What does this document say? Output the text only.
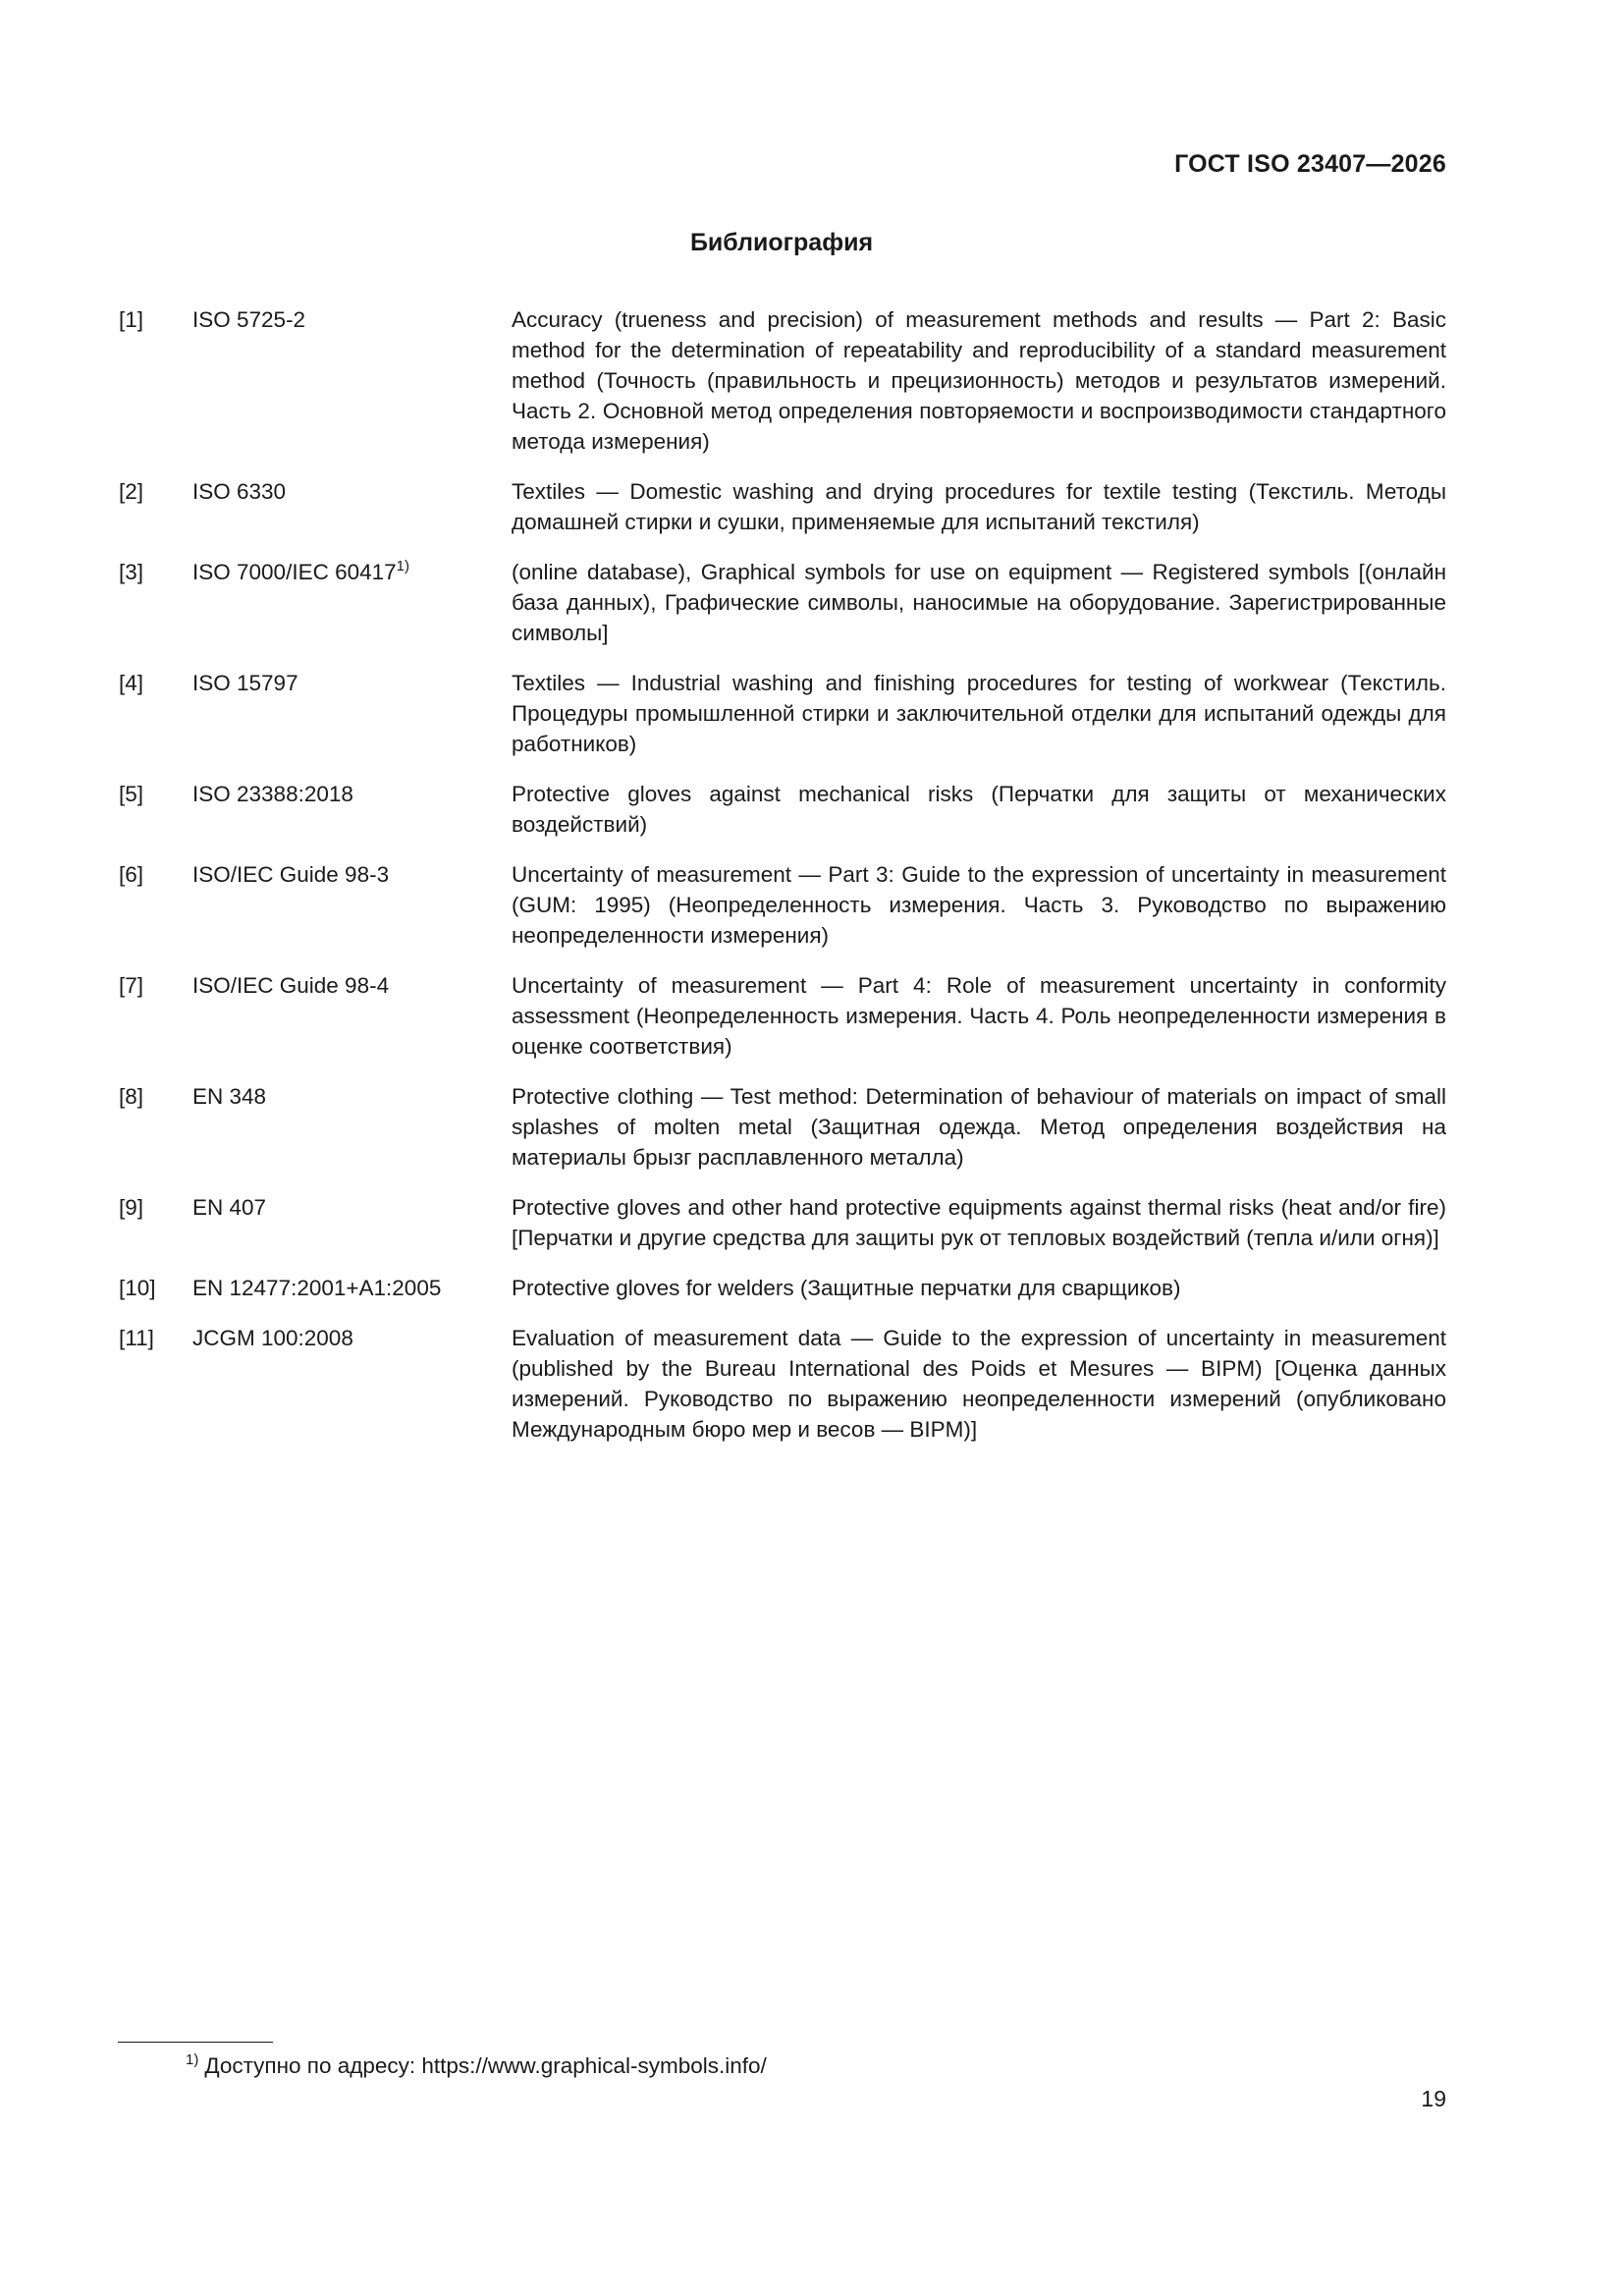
ГОСТ ISO 23407—2026
Библиография
[1]	ISO 5725-2	Accuracy (trueness and precision) of measurement methods and results — Part 2: Basic method for the determination of repeatability and reproducibility of a standard measurement method (Точность (правильность и прецизионность) методов и результатов измерений. Часть 2. Основной метод определения повторяемости и воспроизводимости стандартного метода измерения)
[2]	ISO 6330	Textiles — Domestic washing and drying procedures for textile testing (Текстиль. Методы домашней стирки и сушки, применяемые для испытаний текстиля)
[3]	ISO 7000/IEC 60417$^{1)}$	(online database), Graphical symbols for use on equipment — Registered symbols [(онлайн база данных), Графические символы, наносимые на оборудование. Зарегистрированные символы]
[4]	ISO 15797	Textiles — Industrial washing and finishing procedures for testing of workwear (Текстиль. Процедуры промышленной стирки и заключительной отделки для испытаний одежды для работников)
[5]	ISO 23388:2018	Protective gloves against mechanical risks (Перчатки для защиты от механических воздействий)
[6]	ISO/IEC Guide 98-3	Uncertainty of measurement — Part 3: Guide to the expression of uncertainty in measurement (GUM: 1995) (Неопределенность измерения. Часть 3. Руководство по выражению неопределенности измерения)
[7]	ISO/IEC Guide 98-4	Uncertainty of measurement — Part 4: Role of measurement uncertainty in conformity assessment (Неопределенность измерения. Часть 4. Роль неопределенности измерения в оценке соответствия)
[8]	EN 348	Protective clothing — Test method: Determination of behaviour of materials on impact of small splashes of molten metal (Защитная одежда. Метод определения воздействия на материалы брызг расплавленного металла)
[9]	EN 407	Protective gloves and other hand protective equipments against thermal risks (heat and/or fire) [Перчатки и другие средства для защиты рук от тепловых воздействий (тепла и/или огня)]
[10]	EN 12477:2001+A1:2005	Protective gloves for welders (Защитные перчатки для сварщиков)
[11]	JCGM 100:2008	Evaluation of measurement data — Guide to the expression of uncertainty in measurement (published by the Bureau International des Poids et Mesures — BIPM) [Оценка данных измерений. Руководство по выражению неопределенности измерений (опубликовано Международным бюро мер и весов — BIPM)]
$^{1)}$ Доступно по адресу: https://www.graphical-symbols.info/
19
